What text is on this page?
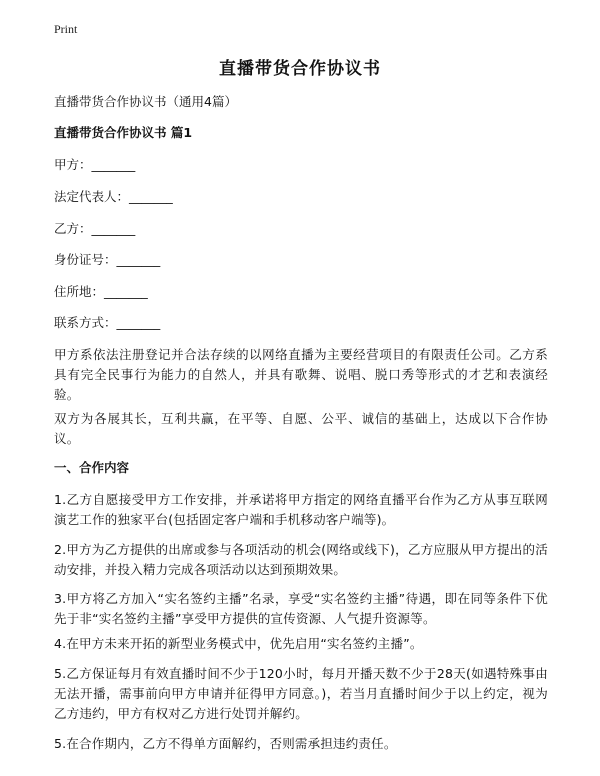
Print
直播带货合作协议书
直播带货合作协议书（通用4篇）
直播带货合作协议书 篇1
甲方：_______
法定代表人：_______
乙方：_______
身份证号：_______
住所地：_______
联系方式：_______
甲方系依法注册登记并合法存续的以网络直播为主要经营项目的有限责任公司。乙方系具有完全民事行为能力的自然人，并具有歌舞、说唱、脱口秀等形式的才艺和表演经验。
双方为各展其长，互利共赢，在平等、自愿、公平、诚信的基础上，达成以下合作协议。
一、合作内容
1.乙方自愿接受甲方工作安排，并承诺将甲方指定的网络直播平台作为乙方从事互联网演艺工作的独家平台(包括固定客户端和手机移动客户端等)。
2.甲方为乙方提供的出席或参与各项活动的机会(网络或线下)，乙方应服从甲方提出的活动安排，并投入精力完成各项活动以达到预期效果。
3.甲方将乙方加入“实名签约主播”名录，享受“实名签约主播”待遇，即在同等条件下优先于非“实名签约主播”享受甲方提供的宣传资源、人气提升资源等。
4.在甲方未来开拓的新型业务模式中，优先启用“实名签约主播”。
5.乙方保证每月有效直播时间不少于120小时，每月开播天数不少于28天(如遇特殊事由无法开播，需事前向甲方申请并征得甲方同意。)，若当月直播时间少于以上约定，视为乙方违约，甲方有权对乙方进行处罚并解约。
5.在合作期内，乙方不得单方面解约，否则需承担违约责任。
